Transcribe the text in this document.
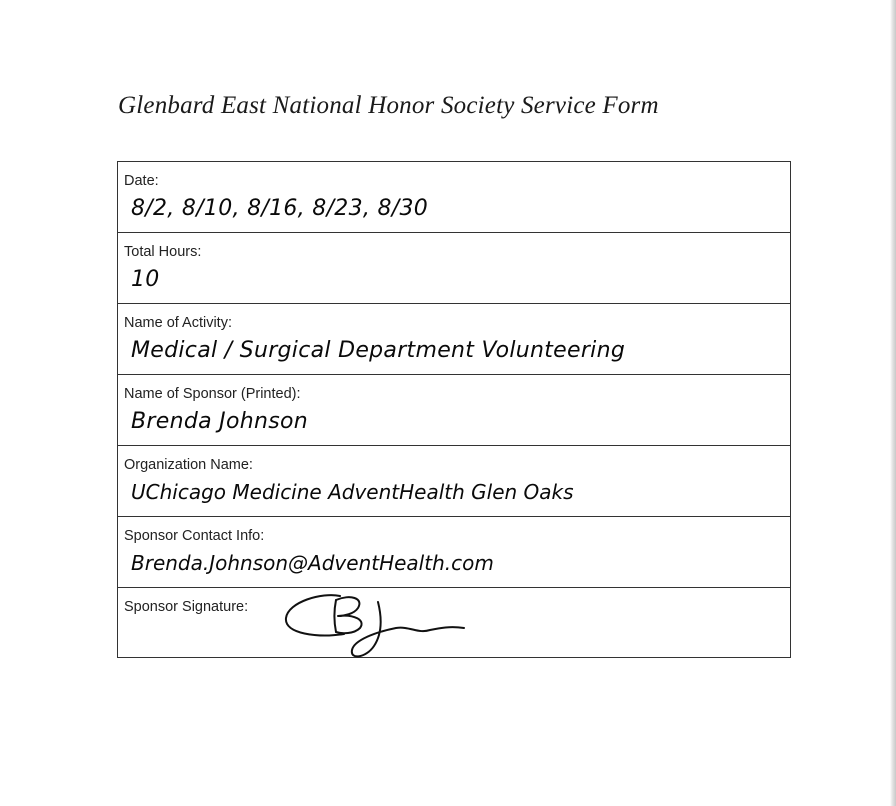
Glenbard East National Honor Society Service Form
Date:
8/2, 8/10, 8/16, 8/23, 8/30
Total Hours:
10
Name of Activity:
Medical / Surgical Department Volunteering
Name of Sponsor (Printed):
Brenda Johnson
Organization Name:
UChicago Medicine AdventHealth Glen Oaks
Sponsor Contact Info:
Brenda.Johnson@AdventHealth.com
Sponsor Signature:
